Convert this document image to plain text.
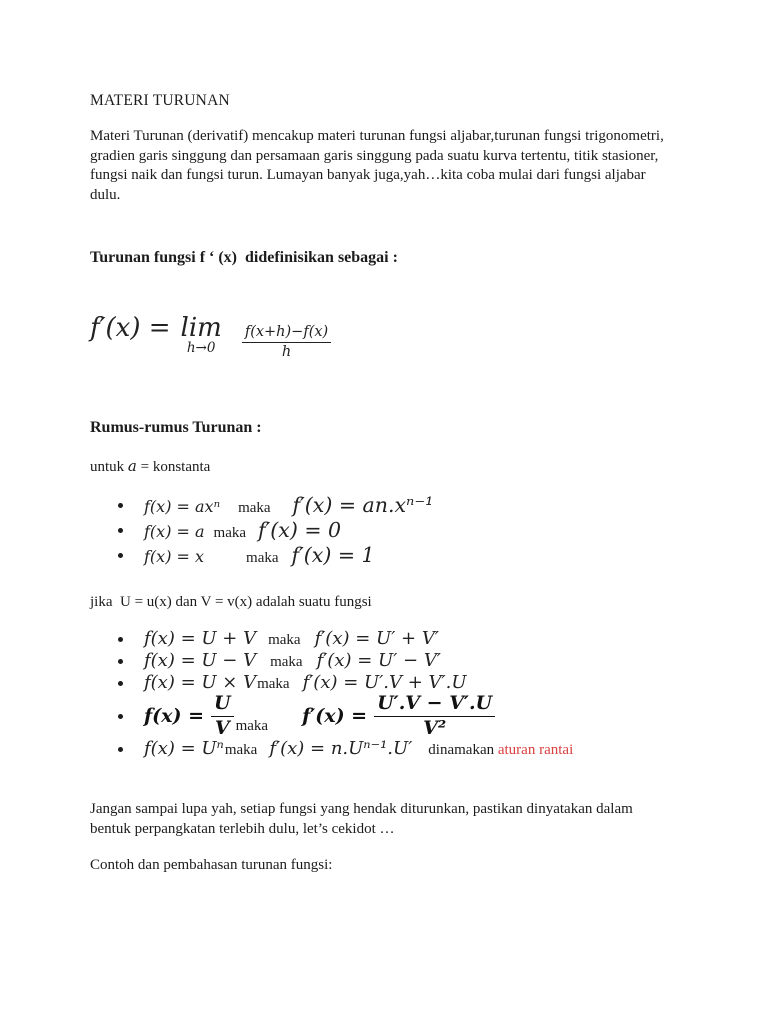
MATERI TURUNAN
Materi Turunan (derivatif) mencakup materi turunan fungsi aljabar,turunan fungsi trigonometri,
gradien garis singgung dan persamaan garis singgung pada suatu kurva tertentu, titik stasioner,
fungsi naik dan fungsi turun. Lumayan banyak juga,yah…kita coba mulai dari fungsi aljabar
dulu.
Turunan fungsi f ‘ (x)  didefinisikan sebagai :
f′(x) = lim
$h\to 0 \frac{f(x+h)-f(x)}{h}$
Rumus-rumus Turunan :

untuk a = konstanta

f(x) = axⁿ maka f′(x) = an.xⁿ⁻¹
f(x) = a maka f′(x) = 0
f(x) = x	maka f′(x) = 1

jika  U = u(x) dan V = v(x) adalah suatu fungsi

f(x) = U + V maka f′(x) = U′ + V′
f(x) = U − V maka f′(x) = U′ − V′
f(x) = U × V maka f′(x) = U′.V + V′.U
$f(x) = \frac{U}{V}$ maka $f'(x) = \frac{U'.V - V'.U}{\text{V²}}$
f(x) = Uⁿ maka f′(x) = n.Uⁿ⁻¹.U′ dinamakan aturan rantai
Jangan sampai lupa yah, setiap fungsi yang hendak diturunkan, pastikan dinyatakan dalam
bentuk perpangkatan terlebih dulu, let’s cekidot …

Contoh dan pembahasan turunan fungsi:
